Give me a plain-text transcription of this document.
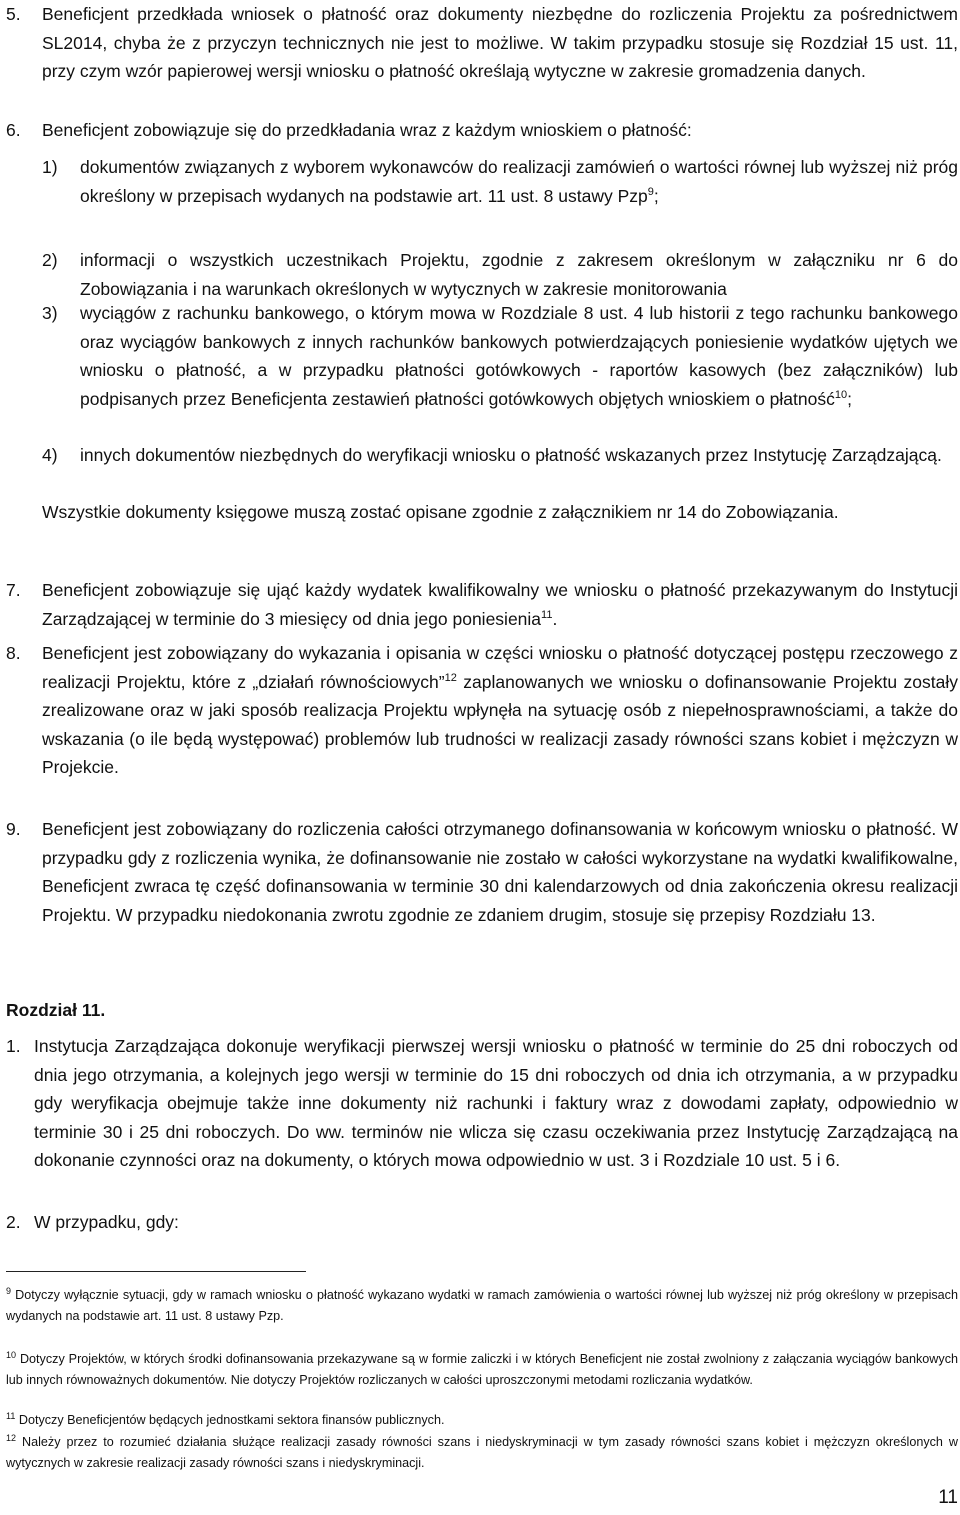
5. Beneficjent przedkłada wniosek o płatność oraz dokumenty niezbędne do rozliczenia Projektu za pośrednictwem SL2014, chyba że z przyczyn technicznych nie jest to możliwe. W takim przypadku stosuje się Rozdział 15 ust. 11, przy czym wzór papierowej wersji wniosku o płatność określają wytyczne w zakresie gromadzenia danych.

6. Beneficjent zobowiązuje się do przedkładania wraz z każdym wnioskiem o płatność:

1) dokumentów związanych z wyborem wykonawców do realizacji zamówień o wartości równej lub wyższej niż próg określony w przepisach wydanych na podstawie art. 11 ust. 8 ustawy Pzp$^9$;

2) informacji o wszystkich uczestnikach Projektu, zgodnie z zakresem określonym w załączniku nr 6 do Zobowiązania i na warunkach określonych w wytycznych w zakresie monitorowania

3) wyciągów z rachunku bankowego, o którym mowa w Rozdziale 8 ust. 4 lub historii z tego rachunku bankowego oraz wyciągów bankowych z innych rachunków bankowych potwierdzających poniesienie wydatków ujętych we wniosku o płatność, a w przypadku płatności gotówkowych - raportów kasowych (bez załączników) lub podpisanych przez Beneficjenta zestawień płatności gotówkowych objętych wnioskiem o płatność$^{10}$;

4) innych dokumentów niezbędnych do weryfikacji wniosku o płatność wskazanych przez Instytucję Zarządzającą.

Wszystkie dokumenty księgowe muszą zostać opisane zgodnie z załącznikiem nr 14 do Zobowiązania.

7. Beneficjent zobowiązuje się ująć każdy wydatek kwalifikowalny we wniosku o płatność przekazywanym do Instytucji Zarządzającej w terminie do 3 miesięcy od dnia jego poniesienia$^{11}$.

8. Beneficjent jest zobowiązany do wykazania i opisania w części wniosku o płatność dotyczącej postępu rzeczowego z realizacji Projektu, które z „działań równościowych”$^{12}$ zaplanowanych we wniosku o dofinansowanie Projektu zostały zrealizowane oraz w jaki sposób realizacja Projektu wpłynęła na sytuację osób z niepełnosprawnościami, a także do wskazania (o ile będą występować) problemów lub trudności w realizacji zasady równości szans kobiet i mężczyzn w Projekcie.

9. Beneficjent jest zobowiązany do rozliczenia całości otrzymanego dofinansowania w końcowym wniosku o płatność. W przypadku gdy z rozliczenia wynika, że dofinansowanie nie zostało w całości wykorzystane na wydatki kwalifikowalne, Beneficjent zwraca tę część dofinansowania w terminie 30 dni kalendarzowych od dnia zakończenia okresu realizacji Projektu. W przypadku niedokonania zwrotu zgodnie ze zdaniem drugim, stosuje się przepisy Rozdziału 13.

Rozdział 11.
1. Instytucja Zarządzająca dokonuje weryfikacji pierwszej wersji wniosku o płatność w terminie do 25 dni roboczych od dnia jego otrzymania, a kolejnych jego wersji w terminie do 15 dni roboczych od dnia ich otrzymania, a w przypadku gdy weryfikacja obejmuje także inne dokumenty niż rachunki i faktury wraz z dowodami zapłaty, odpowiednio w terminie 30 i 25 dni roboczych. Do ww. terminów nie wlicza się czasu oczekiwania przez Instytucję Zarządzającą na dokonanie czynności oraz na dokumenty, o których mowa odpowiednio w ust. 3 i Rozdziale 10 ust. 5 i 6.

2. W przypadku, gdy:

$^9$ Dotyczy wyłącznie sytuacji, gdy w ramach wniosku o płatność wykazano wydatki w ramach zamówienia o wartości równej lub wyższej niż próg określony w przepisach wydanych na podstawie art. 11 ust. 8 ustawy Pzp.

$^{10}$ Dotyczy Projektów, w których środki dofinansowania przekazywane są w formie zaliczki i w których Beneficjent nie został zwolniony z załączania wyciągów bankowych lub innych równoważnych dokumentów. Nie dotyczy Projektów rozliczanych w całości uproszczonymi metodami rozliczania wydatków.

$^{11}$ Dotyczy Beneficjentów będących jednostkami sektora finansów publicznych.

$^{12}$ Należy przez to rozumieć działania służące realizacji zasady równości szans i niedyskryminacji w tym zasady równości szans kobiet i mężczyzn określonych w wytycznych w zakresie realizacji zasady równości szans i niedyskryminacji.

11
